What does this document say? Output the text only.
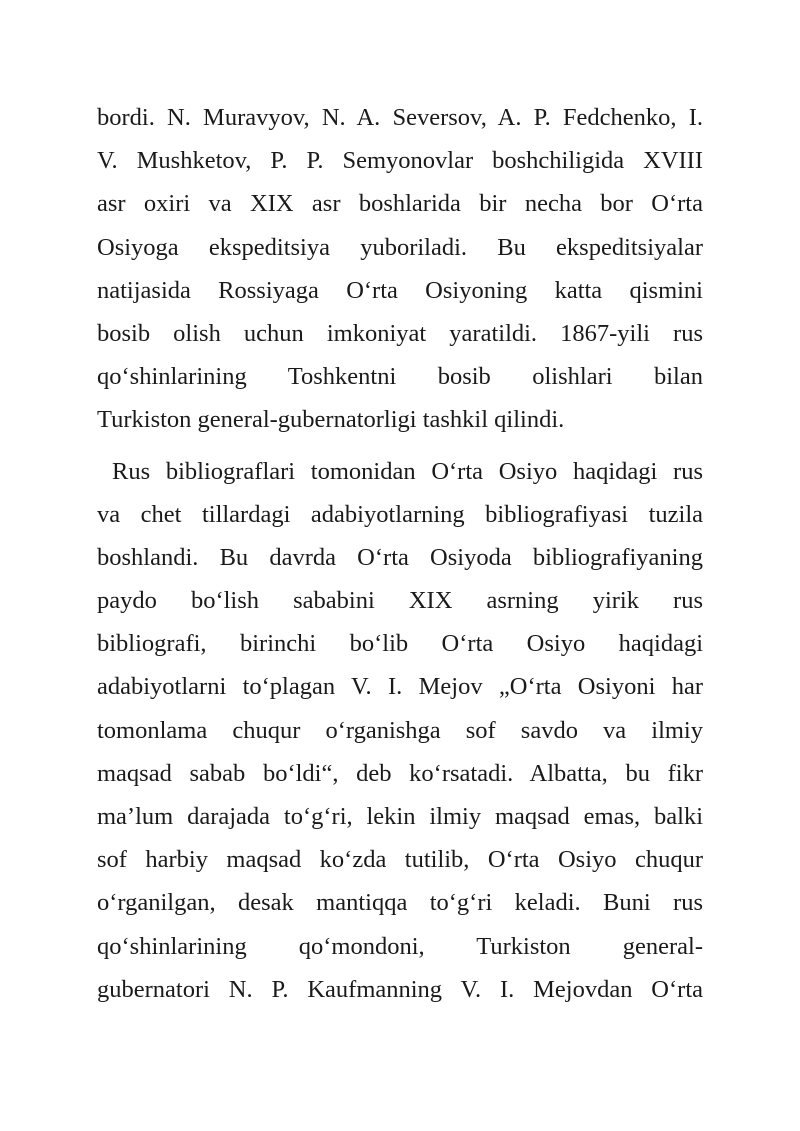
bordi. N. Muravyov, N. A. Seversov, A. P. Fedchenko, I.
V. Mushketov, P. P. Semyonovlar boshchiligida XVIII
asr oxiri va XIX asr boshlarida bir necha bor O‘rta
Osiyoga ekspeditsiya yuboriladi. Bu ekspeditsiyalar
natijasida Rossiyaga O‘rta Osiyoning katta qismini
bosib olish uchun imkoniyat yaratildi. 1867-yili rus
qo‘shinlarining Toshkentni bosib olishlari bilan
Turkiston general-gubernatorligi tashkil qilindi.
Rus bibliograflari tomonidan O‘rta Osiyo haqidagi rus
va chet tillardagi adabiyotlarning bibliografiyasi tuzila
boshlandi. Bu davrda O‘rta Osiyoda bibliografiyaning
paydo bo‘lish sababini XIX asrning yirik rus
bibliografi, birinchi bo‘lib O‘rta Osiyo haqidagi
adabiyotlarni to‘plagan V. I. Mejov „O‘rta Osiyoni har
tomonlama chuqur o‘rganishga sof savdo va ilmiy
maqsad sabab bo‘ldi“, deb ko‘rsatadi. Albatta, bu fikr
ma’lum darajada to‘g‘ri, lekin ilmiy maqsad emas, balki
sof harbiy maqsad ko‘zda tutilib, O‘rta Osiyo chuqur
o‘rganilgan, desak mantiqqa to‘g‘ri keladi. Buni rus
qo‘shinlarining qo‘mondoni, Turkiston general-
gubernatori N. P. Kaufmanning V. I. Mejovdan O‘rta
